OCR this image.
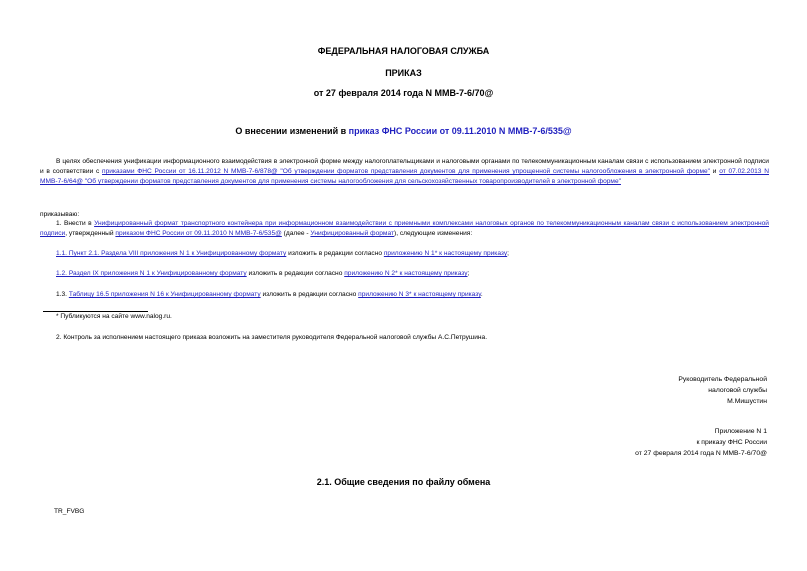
ФЕДЕРАЛЬНАЯ НАЛОГОВАЯ СЛУЖБА
ПРИКАЗ
от 27 февраля 2014 года N ММВ-7-6/70@
О внесении изменений в приказ ФНС России от 09.11.2010 N ММВ-7-6/535@
В целях обеспечения унификации информационного взаимодействия в электронной форме между налогоплательщиками и налоговыми органами по телекоммуникационным каналам связи с использованием электронной подписи и в соответствии с приказами ФНС России от 16.11.2012 N ММВ-7-6/878@ "Об утверждении форматов представления документов для применения упрощенной системы налогообложения в электронной форме" и от 07.02.2013 N ММВ-7-6/64@ "Об утверждении форматов представления документов для применения системы налогообложения для сельскохозяйственных товаропроизводителей в электронной форме"
приказываю:
1. Внести в Унифицированный формат транспортного контейнера при информационном взаимодействии с приемными комплексами налоговых органов по телекоммуникационным каналам связи с использованием электронной подписи, утвержденный приказом ФНС России от 09.11.2010 N ММВ-7-6/535@ (далее - Унифицированный формат), следующие изменения:
1.1. Пункт 2.1. Раздела VIII приложения N 1 к Унифицированному формату изложить в редакции согласно приложению N 1* к настоящему приказу;
1.2. Раздел IX приложения N 1 к Унифицированному формату изложить в редакции согласно приложению N 2* к настоящему приказу;
1.3. Таблицу 16.5 приложения N 16 к Унифицированному формату изложить в редакции согласно приложению N 3* к настоящему приказу.
* Публикуются на сайте www.nalog.ru.
2. Контроль за исполнением настоящего приказа возложить на заместителя руководителя Федеральной налоговой службы А.С.Петрушина.
Руководитель Федеральной
налоговой службы
М.Мишустин
Приложение N 1
к приказу ФНС России
от 27 февраля 2014 года N ММВ-7-6/70@
2.1. Общие сведения по файлу обмена
TR_FVBG
